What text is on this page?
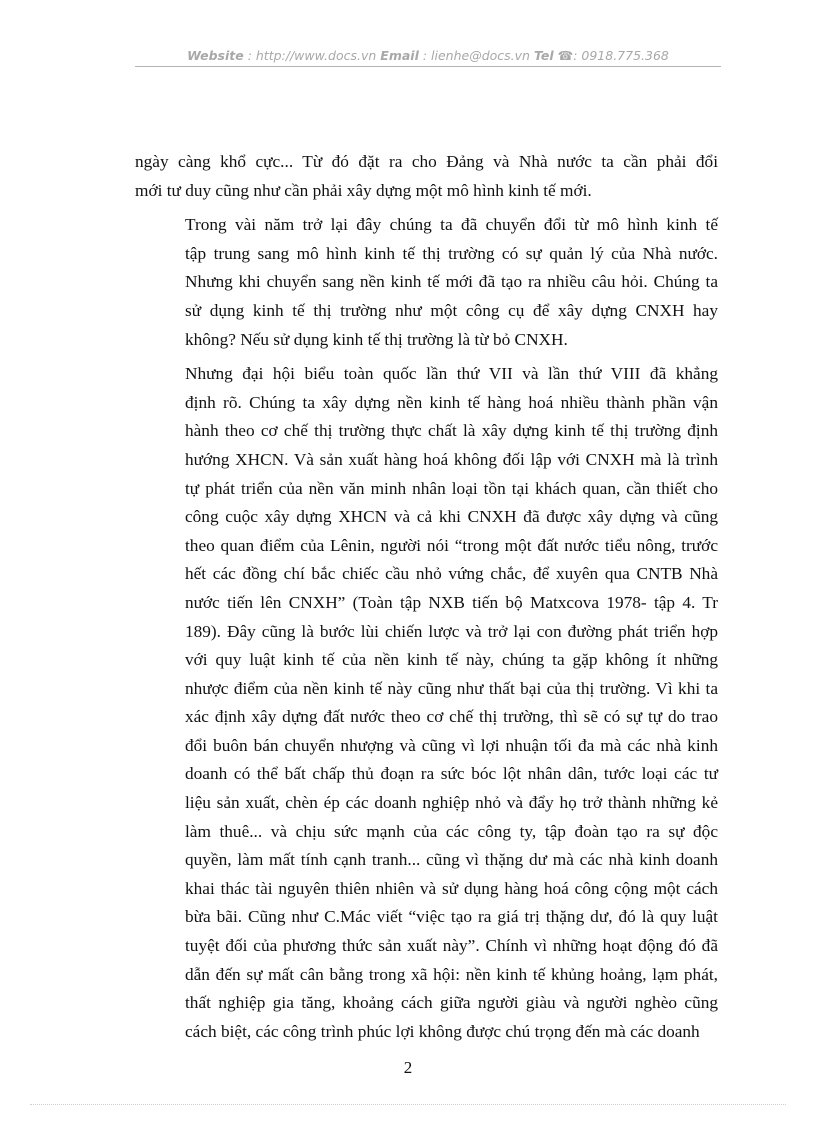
Website : http://www.docs.vn Email : lienhe@docs.vn Tel ☎: 0918.775.368

ngày càng khổ cực... Từ đó đặt ra cho Đảng và Nhà nước ta cần phải đổi
mới tư duy cũng như cần phải xây dựng một mô hình kinh tế mới.

Trong vài năm trở lại đây chúng ta đã chuyển đổi từ mô hình kinh tế
tập trung sang mô hình kinh tế thị trường có sự quản lý của Nhà nước.
Nhưng khi chuyển sang nền kinh tế mới đã tạo ra nhiều câu hỏi. Chúng ta
sử dụng kinh tế thị trường như một công cụ để xây dựng CNXH hay
không? Nếu sử dụng kinh tế thị trường là từ bỏ CNXH.

Nhưng đại hội biểu toàn quốc lần thứ VII và lần thứ VIII đã khẳng
định rõ. Chúng ta xây dựng nền kinh tế hàng hoá nhiều thành phần vận
hành theo cơ chế thị trường thực chất là xây dựng kinh tế thị trường định
hướng XHCN. Và sản xuất hàng hoá không đối lập với CNXH mà là trình
tự phát triển của nền văn minh nhân loại tồn tại khách quan, cần thiết cho
công cuộc xây dựng XHCN và cả khi CNXH đã được xây dựng và cũng
theo quan điểm của Lênin, người nói “trong một đất nước tiểu nông, trước
hết các đồng chí bắc chiếc cầu nhỏ vứng chắc, để xuyên qua CNTB Nhà
nước tiến lên CNXH” (Toàn tập NXB tiến bộ Matxcova 1978- tập 4. Tr
189). Đây cũng là bước lùi chiến lược và trở lại con đường phát triển hợp
với quy luật kinh tế của nền kinh tế này, chúng ta gặp không ít những
nhược điểm của nền kinh tế này cũng như thất bại của thị trường. Vì khi ta
xác định xây dựng đất nước theo cơ chế thị trường, thì sẽ có sự tự do trao
đổi buôn bán chuyển nhượng và cũng vì lợi nhuận tối đa mà các nhà kinh
doanh có thể bất chấp thủ đoạn ra sức bóc lột nhân dân, tước loại các tư
liệu sản xuất, chèn ép các doanh nghiệp nhỏ và đẩy họ trở thành những kẻ
làm thuê... và chịu sức mạnh của các công ty, tập đoàn tạo ra sự độc
quyền, làm mất tính cạnh tranh... cũng vì thặng dư mà các nhà kinh doanh
khai thác tài nguyên thiên nhiên và sử dụng hàng hoá công cộng một cách
bừa bãi. Cũng như C.Mác viết “việc tạo ra giá trị thặng dư, đó là quy luật
tuyệt đối của phương thức sản xuất này”. Chính vì những hoạt động đó đã
dẫn đến sự mất cân bằng trong xã hội: nền kinh tế khủng hoảng, lạm phát,
thất nghiệp gia tăng, khoảng cách giữa người giàu và người nghèo cũng
cách biệt, các công trình phúc lợi không được chú trọng đến mà các doanh

2
